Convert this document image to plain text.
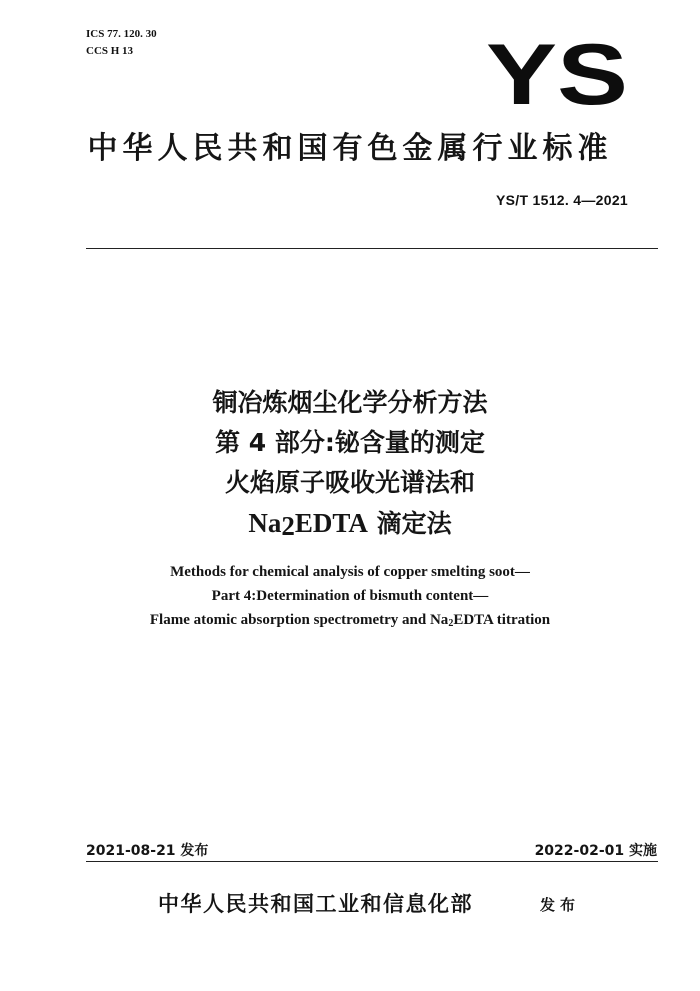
ICS 77. 120. 30
CCS H 13	YS
中华人民共和国有色金属行业标准
YS/T 1512. 4—2021
铜冶炼烟尘化学分析方法
第 4 部分:铋含量的测定
火焰原子吸收光谱法和
$Na_2EDTA$ 滴定法
Methods for chemical analysis of copper smelting soot—
Part 4:Determination of bismuth content—
Flame atomic absorption spectrometry and $Na_2EDTA$ titration
2021-08-21 发布	2022-02-01 实施
中华人民共和国工业和信息化部	发布
